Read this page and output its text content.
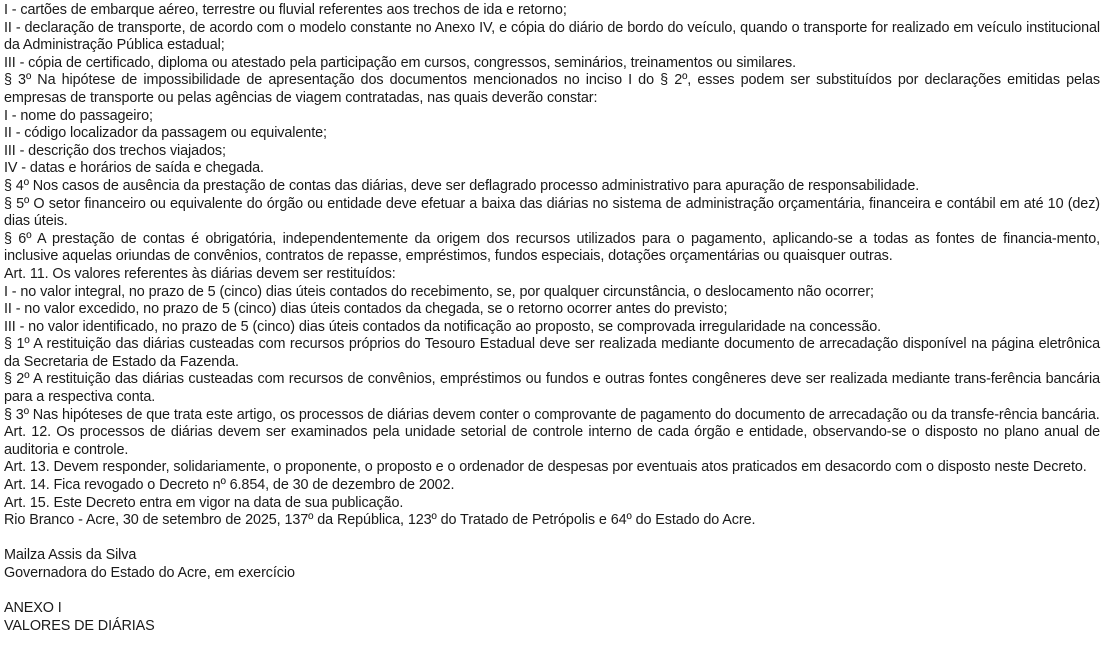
I - cartões de embarque aéreo, terrestre ou fluvial referentes aos trechos de ida e retorno;

II - declaração de transporte, de acordo com o modelo constante no Anexo IV, e cópia do diário de bordo do veículo, quando o transporte for realizado em veículo institucional da Administração Pública estadual;

III - cópia de certificado, diploma ou atestado pela participação em cursos, congressos, seminários, treinamentos ou similares.

§ 3º Na hipótese de impossibilidade de apresentação dos documentos mencionados no inciso I do § 2º, esses podem ser substituídos por declarações emitidas pelas empresas de transporte ou pelas agências de viagem contratadas, nas quais deverão constar:

I - nome do passageiro;

II - código localizador da passagem ou equivalente;

III - descrição dos trechos viajados;

IV - datas e horários de saída e chegada.

§ 4º Nos casos de ausência da prestação de contas das diárias, deve ser deflagrado processo administrativo para apuração de responsabilidade.

§ 5º O setor financeiro ou equivalente do órgão ou entidade deve efetuar a baixa das diárias no sistema de administração orçamentária, financeira e contábil em até 10 (dez) dias úteis.

§ 6º A prestação de contas é obrigatória, independentemente da origem dos recursos utilizados para o pagamento, aplicando-se a todas as fontes de financia-mento, inclusive aquelas oriundas de convênios, contratos de repasse, empréstimos, fundos especiais, dotações orçamentárias ou quaisquer outras.

Art. 11. Os valores referentes às diárias devem ser restituídos:

I - no valor integral, no prazo de 5 (cinco) dias úteis contados do recebimento, se, por qualquer circunstância, o deslocamento não ocorrer;

II - no valor excedido, no prazo de 5 (cinco) dias úteis contados da chegada, se o retorno ocorrer antes do previsto;

III - no valor identificado, no prazo de 5 (cinco) dias úteis contados da notificação ao proposto, se comprovada irregularidade na concessão.

§ 1º A restituição das diárias custeadas com recursos próprios do Tesouro Estadual deve ser realizada mediante documento de arrecadação disponível na página eletrônica da Secretaria de Estado da Fazenda.

§ 2º A restituição das diárias custeadas com recursos de convênios, empréstimos ou fundos e outras fontes congêneres deve ser realizada mediante trans-ferência bancária para a respectiva conta.

§ 3º Nas hipóteses de que trata este artigo, os processos de diárias devem conter o comprovante de pagamento do documento de arrecadação ou da transfe-rência bancária.

Art. 12. Os processos de diárias devem ser examinados pela unidade setorial de controle interno de cada órgão e entidade, observando-se o disposto no plano anual de auditoria e controle.

Art. 13. Devem responder, solidariamente, o proponente, o proposto e o ordenador de despesas por eventuais atos praticados em desacordo com o disposto neste Decreto.

Art. 14. Fica revogado o Decreto nº 6.854, de 30 de dezembro de 2002.

Art. 15. Este Decreto entra em vigor na data de sua publicação.

Rio Branco - Acre, 30 de setembro de 2025, 137º da República, 123º do Tratado de Petrópolis e 64º do Estado do Acre.

Mailza Assis da Silva

Governadora do Estado do Acre, em exercício

ANEXO I

VALORES DE DIÁRIAS
